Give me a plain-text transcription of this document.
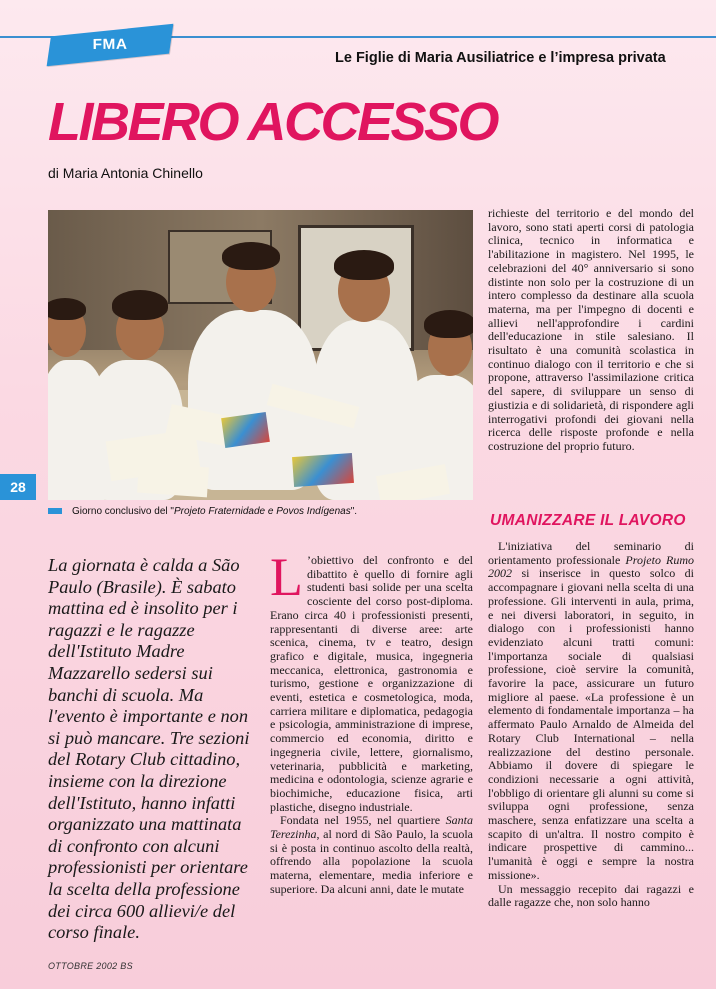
FMA
Le Figlie di Maria Ausiliatrice e l’impresa privata
LIBERO ACCESSO
di Maria Antonia Chinello
28
Giorno conclusivo del "Projeto Fraternidade e Povos Indígenas".
La giornata è calda a São Paulo (Brasile). È sabato mattina ed è insolito per i ragazzi e le ragazze dell'Istituto Madre Mazzarello sedersi sui banchi di scuola. Ma l'evento è importante e non si può mancare. Tre sezioni del Rotary Club cittadino, insieme con la direzione dell'Istituto, hanno infatti organizzato una mattinata di confronto con alcuni professionisti per orientare la scelta della professione dei circa 600 allievi/e del corso finale.

L ’obiettivo del confronto e del dibattito è quello di fornire agli studenti basi solide per una scelta cosciente del corso post-diploma. Erano circa 40 i professionisti presenti, rappresentanti di diverse aree: arte scenica, cinema, tv e teatro, design grafico e digitale, musica, ingegneria meccanica, elettronica, gastronomia e turismo, gestione e organizzazione di eventi, estetica e cosmetologica, moda, carriera militare e diplomatica, pedagogia e psicologia, amministrazione di imprese, commercio ed economia, diritto e ingegneria civile, lettere, giornalismo, veterinaria, pubblicità e marketing, medicina e odontologia, scienze agrarie e biochimiche, educazione fisica, arti plastiche, disegno industriale.

Fondata nel 1955, nel quartiere Santa Terezinha, al nord di São Paulo, la scuola si è posta in continuo ascolto della realtà, offrendo alla popolazione la scuola materna, elementare, media inferiore e superiore. Da alcuni anni, date le mutate

richieste del territorio e del mondo del lavoro, sono stati aperti corsi di patologia clinica, tecnico in informatica e l'abilitazione in magistero. Nel 1995, le celebrazioni del 40° anniversario si sono distinte non solo per la costruzione di un intero complesso da destinare alla scuola materna, ma per l'impegno di docenti e allievi nell'approfondire i cardini dell'educazione in stile salesiano. Il risultato è una comunità scolastica in continuo dialogo con il territorio e che si propone, attraverso l'assimilazione critica del sapere, di sviluppare un senso di giustizia e di solidarietà, di rispondere agli interrogativi profondi dei giovani nella ricerca delle risposte profonde e nella costruzione del proprio futuro.

UMANIZZARE IL LAVORO

L'iniziativa del seminario di orientamento professionale Projeto Rumo 2002 si inserisce in questo solco di accompagnare i giovani nella scelta di una professione. Gli interventi in aula, prima, e nei diversi laboratori, in seguito, in dialogo con i professionisti hanno evidenziato alcuni tratti comuni: l'importanza sociale di qualsiasi professione, cioè servire la comunità, favorire la pace, assicurare un futuro migliore al paese. «La professione è un elemento di fondamentale importanza – ha affermato Paulo Arnaldo de Almeida del Rotary Club International – nella realizzazione del destino personale. Abbiamo il dovere di spiegare le condizioni necessarie a ogni attività, l'obbligo di orientare gli alunni su come si sviluppa ogni professione, senza maschere, senza enfatizzare una scelta a scapito di un'altra. Il nostro compito è indicare prospettive di cammino... l'umanità è oggi e sempre la nostra missione».

Un messaggio recepito dai ragazzi e dalle ragazze che, non solo hanno

OTTOBRE 2002 BS
